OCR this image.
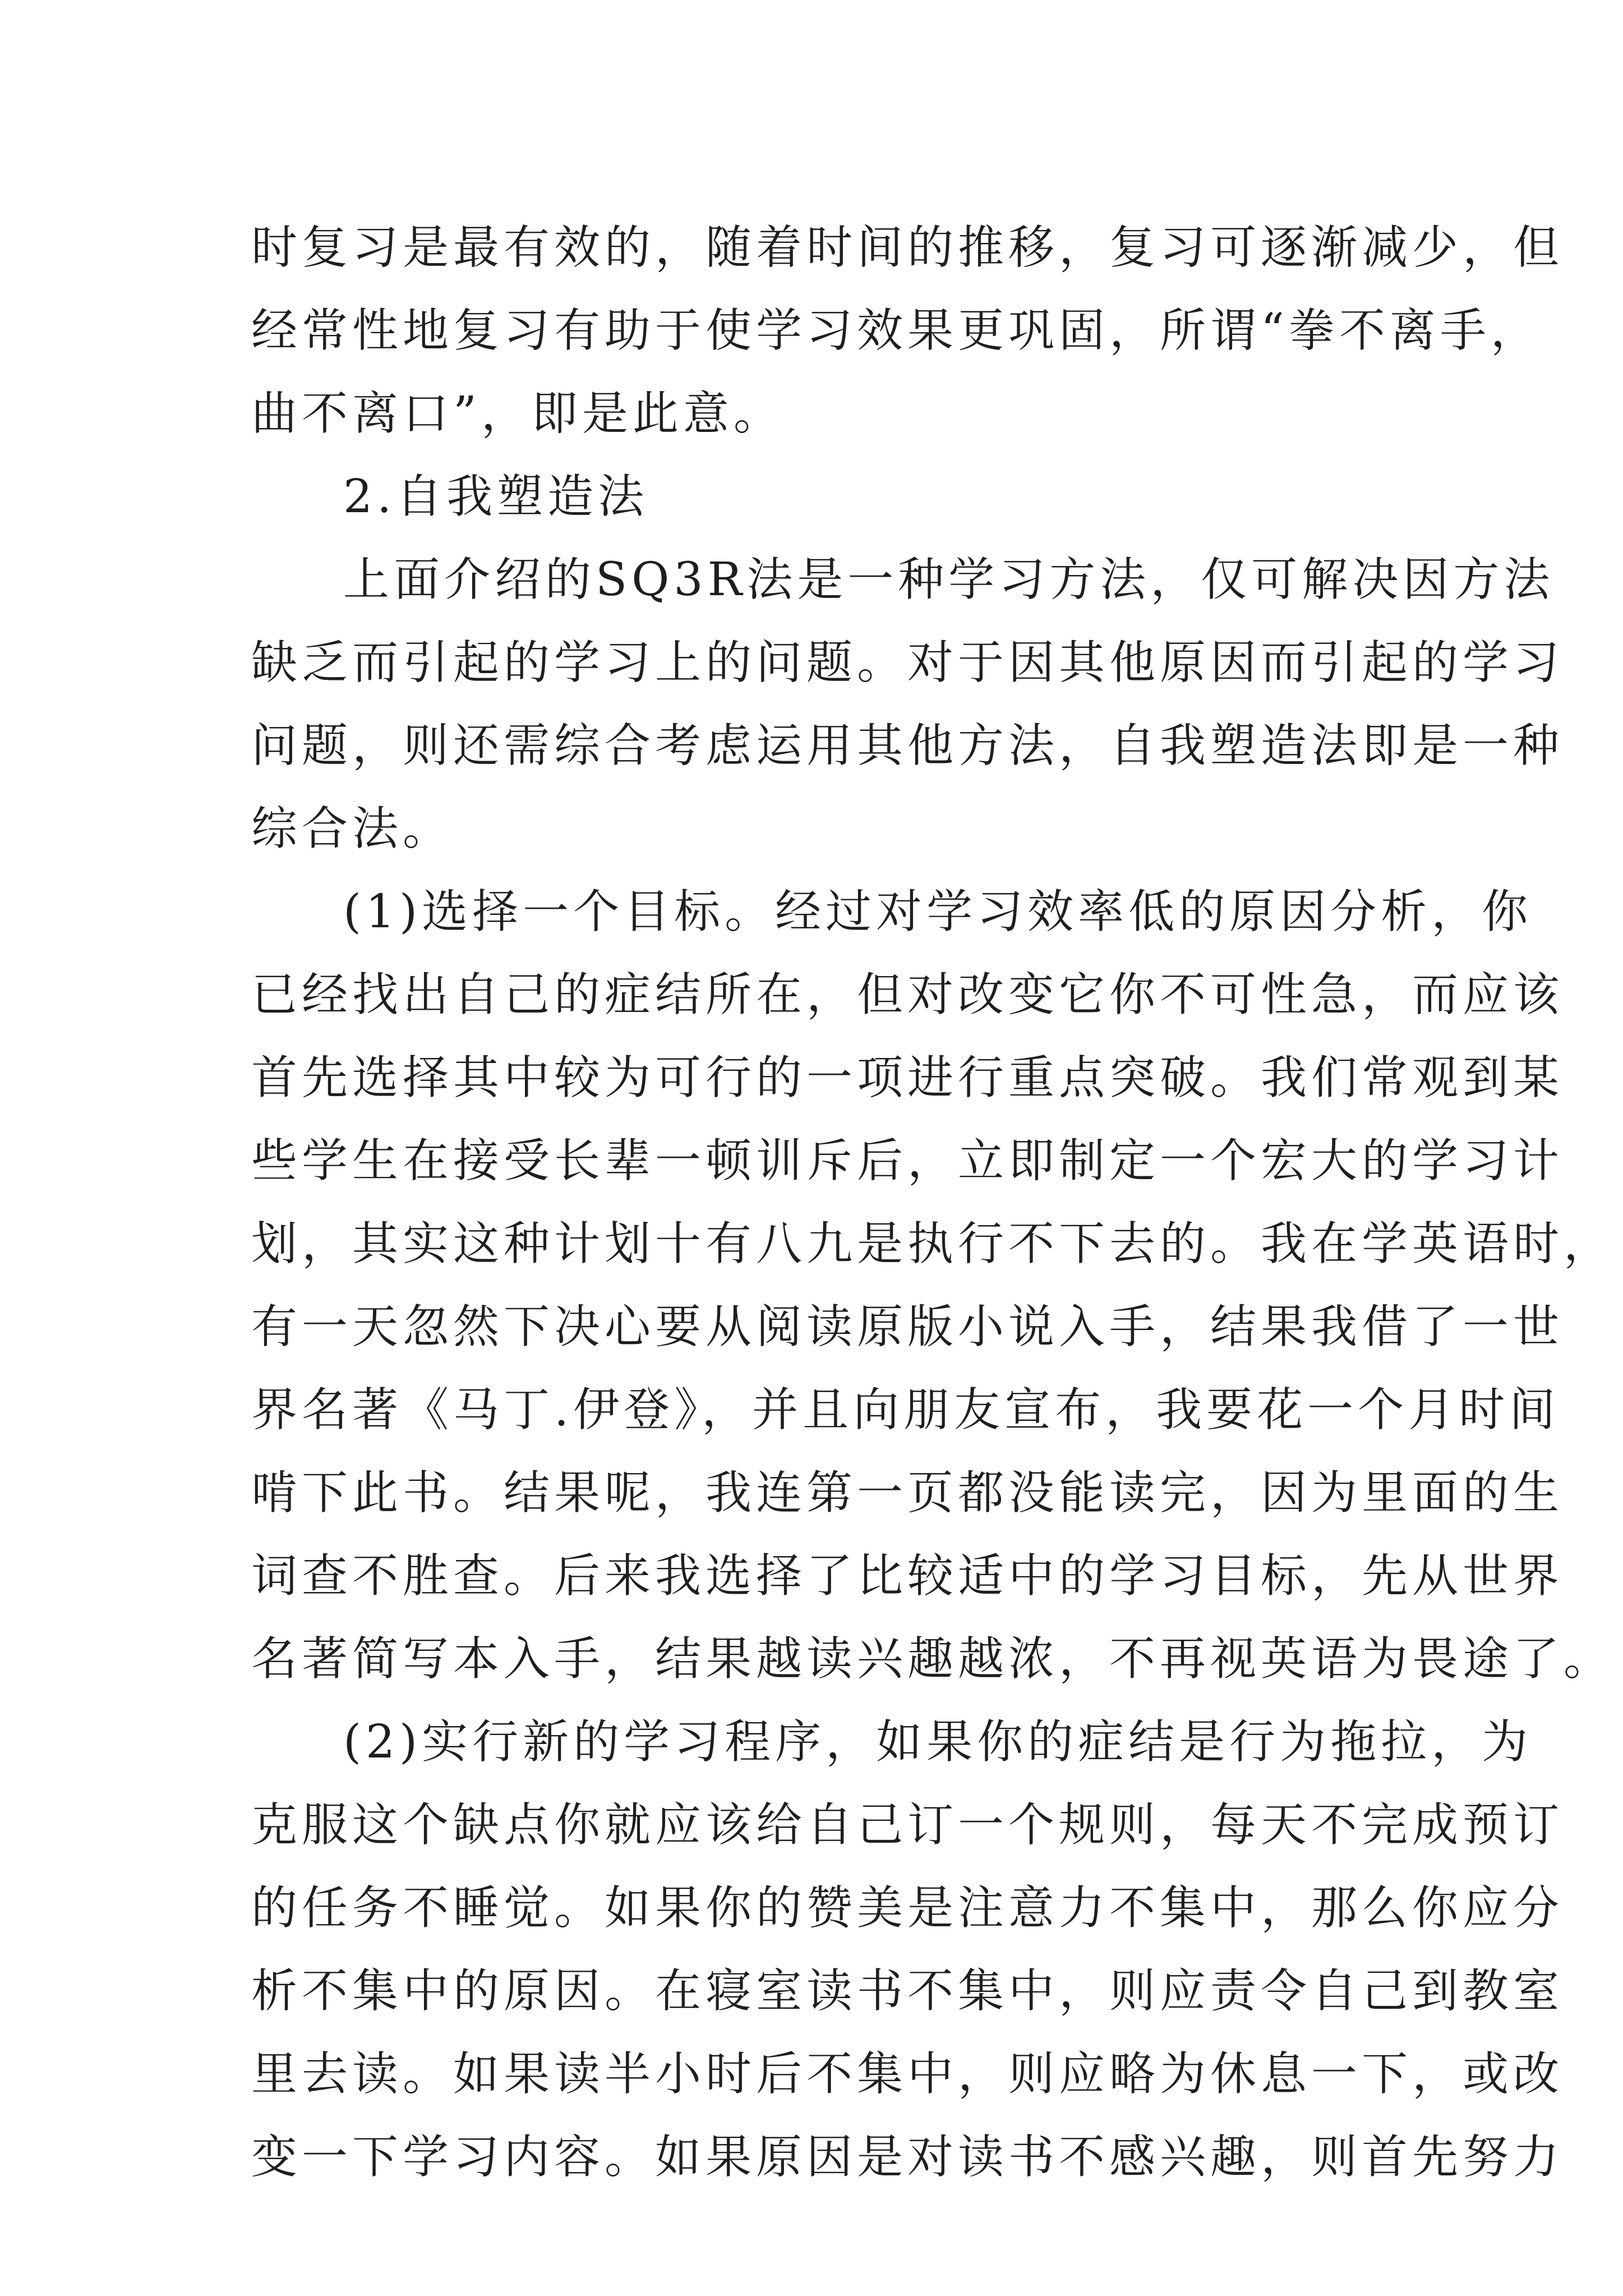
时复习是最有效的，随着时间的推移，复习可逐渐减少，但
经常性地复习有助于使学习效果更巩固，所谓“拳不离手，
曲不离口”，即是此意。
2.自我塑造法
上面介绍的SQ3R法是一种学习方法，仅可解决因方法
缺乏而引起的学习上的问题。对于因其他原因而引起的学习
问题，则还需综合考虑运用其他方法，自我塑造法即是一种
综合法。
(1)选择一个目标。经过对学习效率低的原因分析，你
已经找出自己的症结所在，但对改变它你不可性急，而应该
首先选择其中较为可行的一项进行重点突破。我们常观到某
些学生在接受长辈一顿训斥后，立即制定一个宏大的学习计
划，其实这种计划十有八九是执行不下去的。我在学英语时，
有一天忽然下决心要从阅读原版小说入手，结果我借了一世
界名著《马丁.伊登》，并且向朋友宣布，我要花一个月时间
啃下此书。结果呢，我连第一页都没能读完，因为里面的生
词查不胜查。后来我选择了比较适中的学习目标，先从世界
名著简写本入手，结果越读兴趣越浓，不再视英语为畏途了。
(2)实行新的学习程序，如果你的症结是行为拖拉，为
克服这个缺点你就应该给自己订一个规则，每天不完成预订
的任务不睡觉。如果你的赞美是注意力不集中，那么你应分
析不集中的原因。在寝室读书不集中，则应责令自己到教室
里去读。如果读半小时后不集中，则应略为休息一下，或改
变一下学习内容。如果原因是对读书不感兴趣，则首先努力
